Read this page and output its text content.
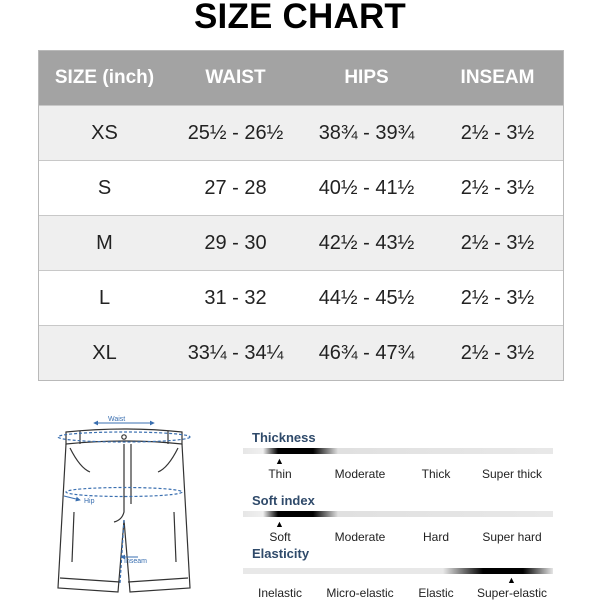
SIZE CHART
SIZE (inch)	WAIST	HIPS	INSEAM
XS	25½ - 26½	38¾ - 39¾	2½ - 3½
S	27 - 28	40½ - 41½	2½ - 3½
M	29 - 30	42½ - 43½	2½ - 3½
L	31 - 32	44½ - 45½	2½ - 3½
XL	33¼ - 34¼	46¾ - 47¾	2½ - 3½
Waist
Hip
Inseam
Thickness
▲
Thin	Moderate	Thick	Super thick
Soft index
▲
Soft	Moderate	Hard	Super hard
Elasticity
▲
Inelastic Micro-elastic Elastic Super-elastic
